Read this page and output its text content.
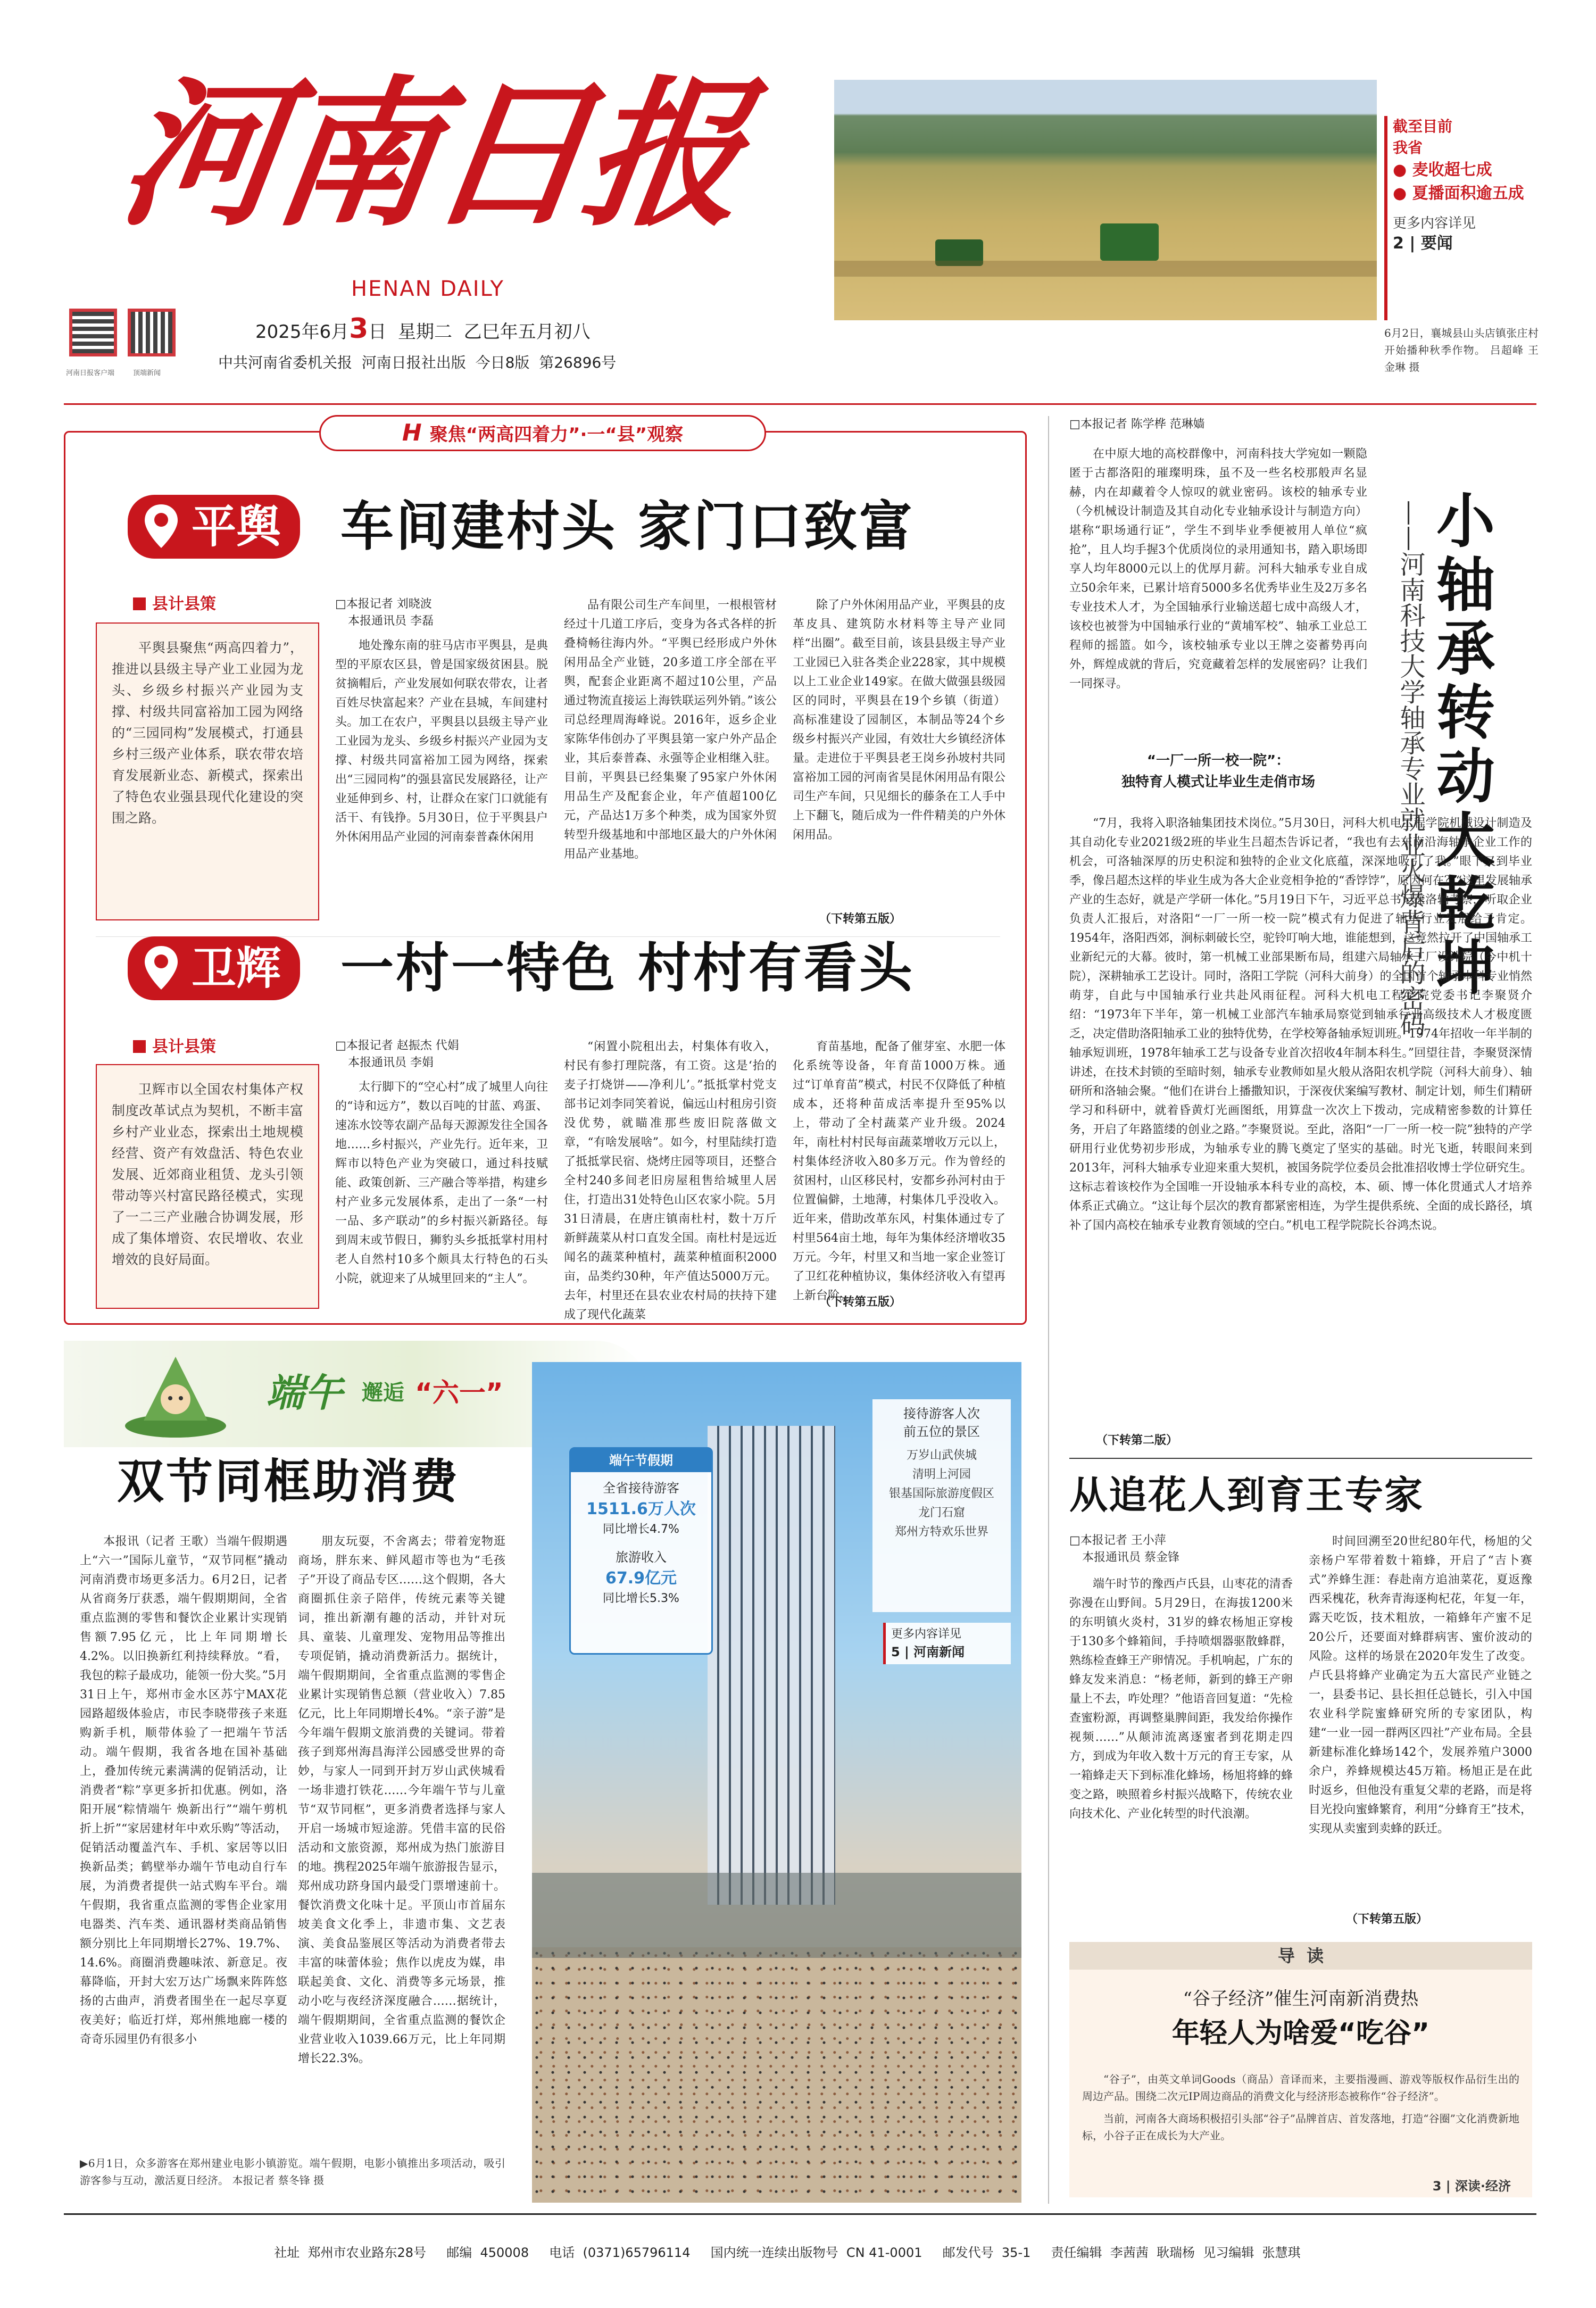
河南日报
HENAN DAILY
河南日报客户端	顶端新闻
2025年6月3日  星期二  乙巳年五月初八
中共河南省委机关报  河南日报社出版  今日8版  第26896号
截至目前
我省
● 麦收超七成
● 夏播面积逾五成
更多内容详见
2 | 要闻
6月2日，襄城县山头店镇张庄村开始播种秋季作物。 吕超峰 王金琳 摄
H 聚焦“两高四着力”·一“县”观察
平舆	车间建村头 家门口致富
县计县策
平舆县聚焦“两高四着力”，推进以县级主导产业工业园为龙头、乡级乡村振兴产业园为支撑、村级共同富裕加工园为网络的“三园同构”发展模式，打通县乡村三级产业体系，联农带农培育发展新业态、新模式，探索出了特色农业强县现代化建设的突围之路。
□本报记者 刘晓波
本报通讯员 李磊

地处豫东南的驻马店市平舆县，是典型的平原农区县，曾是国家级贫困县。脱贫摘帽后，产业发展如何联农带农，让者百姓尽快富起来？产业在县城，车间建村头。加工在农户，平舆县以县级主导产业工业园为龙头、乡级乡村振兴产业园为支撑、村级共同富裕加工园为网络，探索出“三园同构”的强县富民发展路径，让产业延伸到乡、村，让群众在家门口就能有活干、有钱挣。5月30日，位于平舆县户外休闲用品产业园的河南泰普森休闲用

品有限公司生产车间里，一根根管材经过十几道工序后，变身为各式各样的折叠椅畅往海内外。“平舆已经形成户外休闲用品全产业链，20多道工序全部在平舆，配套企业距离不超过10公里，产品通过物流直接运上海铁联运列外销。”该公司总经理周海峰说。2016年，返乡企业家陈华伟创办了平舆县第一家户外产品企业，其后泰普森、永强等企业相继入驻。目前，平舆县已经集聚了95家户外休闲用品生产及配套企业，年产值超100亿元，产品达1万多个种类，成为国家外贸转型升级基地和中部地区最大的户外休闲用品产业基地。

除了户外休闲用品产业，平舆县的皮革皮具、建筑防水材料等主导产业同样“出圈”。截至目前，该县县级主导产业工业园已入驻各类企业228家，其中规模以上工业企业149家。在做大做强县级园区的同时，平舆县在19个乡镇（街道）高标准建设了园制区，本制品等24个乡级乡村振兴产业园，有效壮大乡镇经济体量。走进位于平舆县老王岗乡孙坡村共同富裕加工园的河南省昊昆休闲用品有限公司生产车间，只见细长的藤条在工人手中上下翻飞，随后成为一件件精美的户外休闲用品。

（下转第五版）
卫辉	一村一特色 村村有看头
县计县策
卫辉市以全国农村集体产权制度改革试点为契机，不断丰富乡村产业业态，探索出土地规模经营、资产有效盘活、特色农业发展、近郊商业租赁、龙头引领带动等兴村富民路径模式，实现了一二三产业融合协调发展，形成了集体增资、农民增收、农业增效的良好局面。
□本报记者 赵振杰 代娟
本报通讯员 李娟

太行脚下的“空心村”成了城里人向往的“诗和远方”，数以百吨的甘蓝、鸡蛋、速冻水饺等农副产品每天源源发往全国各地……乡村振兴，产业先行。近年来，卫辉市以特色产业为突破口，通过科技赋能、政策创新、三产融合等举措，构建乡村产业多元发展体系，走出了一条“一村一品、多产联动”的乡村振兴新路径。每到周末或节假日，狮豹头乡抵抵掌村用村老人自然村10多个颇具太行特色的石头小院，就迎来了从城里回来的“主人”。

“闲置小院租出去，村集体有收入，村民有参打理院落，有工资。这是‘抬的麦子打烧饼——净利儿’。”抵抵掌村党支部书记刘李同笑着说，偏远山村租房引资没优势，就瞄准那些废旧院落做文章，“有啥发展啥”。如今，村里陆续打造了抵抵掌民宿、烧烤庄园等项目，还整合全村240多间老旧房屋租售给城里人居住，打造出31处特色山区农家小院。5月31日清晨，在唐庄镇南杜村，数十万斤新鲜蔬菜从村口直发全国。南杜村是远近闻名的蔬菜种植村，蔬菜种植面积2000亩，品类约30种，年产值达5000万元。去年，村里还在县农业农村局的扶持下建成了现代化蔬菜

育苗基地，配备了催芽室、水肥一体化系统等设备，年育苗1000万株。通过“订单育苗”模式，村民不仅降低了种植成本，还将种苗成活率提升至95%以上，带动了全村蔬菜产业升级。2024年，南杜村村民每亩蔬菜增收万元以上，村集体经济收入80多万元。作为曾经的贫困村，山区移民村，安都乡孙河村由于位置偏僻，土地薄，村集体几乎没收入。近年来，借助改革东风，村集体通过专了村里564亩土地，每年为集体经济增收35万元。今年，村里又和当地一家企业签订了卫红花种植协议，集体经济收入有望再上新台阶。

（下转第五版）
端午 邂逅 “六一”
双节同框助消费

本报讯（记者 王歌）当端午假期遇上“六一”国际儿童节，“双节同框”撬动河南消费市场更多活力。6月2日，记者从省商务厅获悉，端午假期期间，全省重点监测的零售和餐饮企业累计实现销售额7.95亿元，比上年同期增长4.2%。以旧换新红利持续释放。“看，我包的粽子最成功，能领一份大奖。”5月31日上午，郑州市金水区苏宁MAX花园路超级体验店，市民李晓带孩子来逛购新手机，顺带体验了一把端午节活动。端午假期，我省各地在国补基础上，叠加传统元素满满的促销活动，让消费者“粽”享更多折扣优惠。例如，洛阳开展“粽情端午 焕新出行”“端午剪机折上折”“家居建材年中欢乐购”等活动，促销活动覆盖汽车、手机、家居等以旧换新品类；鹤壁举办端午节电动自行车展，为消费者提供一站式购车平台。端午假期，我省重点监测的零售企业家用电器类、汽车类、通讯器材类商品销售额分别比上年同期增长27%、19.7%、14.6%。商圈消费趣味浓、新意足。夜幕降临，开封大宏万达广场飘来阵阵悠扬的古曲声，消费者围坐在一起尽享夏夜美好；临近打烊，郑州熊地廊一楼的奇奇乐园里仍有很多小

朋友玩耍，不舍离去；带着宠物逛商场，胖东来、鲜风超市等也为“毛孩子”开设了商品专区……这个假期，各大商圈抓住亲子陪伴，传统元素等关键词，推出新潮有趣的活动，并针对玩具、童装、儿童理发、宠物用品等推出专项促销，撬动消费新活力。据统计，端午假期期间，全省重点监测的零售企业累计实现销售总额（营业收入）7.85亿元，比上年同期增长4%。“亲子游”是今年端午假期文旅消费的关键词。带着孩子到郑州海昌海洋公园感受世界的奇妙，与家人一同到开封万岁山武侠城看一场非遗打铁花……今年端午节与儿童节“双节同框”，更多消费者选择与家人开启一场城市短途游。凭借丰富的民俗活动和文旅资源，郑州成为热门旅游目的地。携程2025年端午旅游报告显示，郑州成功跻身国内最受门票增速前十。餐饮消费文化味十足。平顶山市首届东坡美食文化季上，非遗市集、文艺表演、美食品鉴展区等活动为消费者带去丰富的味蕾体验；焦作以虎皮为媒，串联起美食、文化、消费等多元场景，推动小吃与夜经济深度融合……据统计，端午假期期间，全省重点监测的餐饮企业营业收入1039.66万元，比上年同期增长22.3%。

▶6月1日，众多游客在郑州建业电影小镇游览。端午假期，电影小镇推出多项活动，吸引游客参与互动，激活夏日经济。 本报记者 蔡冬锋 摄
端午节假期
全省接待游客
1511.6万人次
同比增长4.7%
旅游收入
67.9亿元
同比增长5.3%
接待游客人次
前五位的景区
万岁山武侠城
清明上河园
银基国际旅游度假区
龙门石窟
郑州方特欢乐世界
更多内容详见
5 | 河南新闻
□本报记者 陈学桦 范琳嫱

在中原大地的高校群像中，河南科技大学宛如一颗隐匿于古都洛阳的璀璨明珠，虽不及一些名校那般声名显赫，内在却藏着令人惊叹的就业密码。该校的轴承专业（今机械设计制造及其自动化专业轴承设计与制造方向）堪称“职场通行证”，学生不到毕业季便被用人单位“疯抢”，且人均手握3个优质岗位的录用通知书，踏入职场即享人均年8000元以上的优厚月薪。河科大轴承专业自成立50余年来，已累计培育5000多名优秀毕业生及2万多名专业技术人才，为全国轴承行业输送超七成中高级人才，该校也被誉为中国轴承行业的“黄埔军校”、轴承工业总工程师的摇篮。如今，该校轴承专业以王牌之姿蓄势再向外，辉煌成就的背后，究竟藏着怎样的发展密码？让我们一同探寻。

小轴承转动大乾坤
——河南科技大学轴承专业就业火爆背后的密码
“一厂一所一校一院”：
独特育人模式让毕业生走俏市场

“7月，我将入职洛轴集团技术岗位。”5月30日，河科大机电工程学院机械设计制造及其自动化专业2021级2班的毕业生吕超杰告诉记者，“我也有去东南沿海轴承企业工作的机会，可洛轴深厚的历史积淀和独特的企业文化底蕴，深深地吸引了我。”眼下又到毕业季，像吕超杰这样的毕业生成为各大企业竞相争抢的“香饽饽”，原因何在？“这里发展轴承产业的生态好，就是产学研一体化。”5月19日下午，习近平总书记在洛轴考察，听取企业负责人汇报后，对洛阳“一厂一所一校一院”模式有力促进了轴承行业发展给予肯定。1954年，洛阳西郊，涧标刺破长空，驼铃叮响大地，谁能想到，这竟然拉开了中国轴承工业新纪元的大幕。彼时，第一机械工业部果断布局，组建六局轴承工厂设计院（今中机十院），深耕轴承工艺设计。同时，洛阳工学院（河科大前身）的全国首个轴承本科专业悄然萌芽，自此与中国轴承行业共赴风雨征程。河科大机电工程学院党委书记李聚贤介绍：“1973年下半年，第一机械工业部汽车轴承局察觉到轴承行业高级技术人才极度匮乏，决定借助洛阳轴承工业的独特优势，在学校筹备轴承短训班。1974年招收一年半制的轴承短训班，1978年轴承工艺与设备专业首次招收4年制本科生。”回望往昔，李聚贤深情讲述，在技术封锁的至暗时刻，轴承专业教师如星火般从洛阳农机学院（河科大前身）、轴研所和洛轴会聚。“他们在讲台上播撒知识，于深夜伏案编写教材、制定计划，师生们精研学习和科研中，就着昏黄灯光画图纸，用算盘一次次上下拨动，完成精密参数的计算任务，开启了年路篮缕的创业之路。”李聚贤说。至此，洛阳“一厂一所一校一院”独特的产学研用行业优势初步形成，为轴承专业的腾飞奠定了坚实的基础。时光飞逝，转眼间来到2013年，河科大轴承专业迎来重大契机，被国务院学位委员会批准招收博士学位研究生。这标志着该校作为全国唯一开设轴承本科专业的高校，本、硕、博一体化贯通式人才培养体系正式确立。“这让每个层次的教育都紧密相连，为学生提供系统、全面的成长路径，填补了国内高校在轴承专业教育领域的空白。”机电工程学院院长谷鸿杰说。

（下转第二版）
从追花人到育王专家
□本报记者 王小萍
本报通讯员 蔡金锋

端午时节的豫西卢氏县，山枣花的清香弥漫在山野间。5月29日，在海拔1200米的东明镇火炎村，31岁的蜂农杨旭正穿梭于130多个蜂箱间，手持喷烟器驱散蜂群，熟练检查蜂王产卵情况。手机响起，广东的蜂友发来消息：“杨老师，新到的蜂王产卵量上不去，咋处理？”他语音回复道：“先检查蜜粉源，再调整巢脾间距，我发给你操作视频……”从颠沛流离逐蜜者到花期走四方，到成为年收入数十万元的育王专家，从一箱蜂走天下到标准化蜂场，杨旭将蜂的蜂变之路，映照着乡村振兴战略下，传统农业向技术化、产业化转型的时代浪潮。

时间回溯至20世纪80年代，杨旭的父亲杨户军带着数十箱蜂，开启了“吉卜赛式”养蜂生涯：春赴南方追油菜花，夏返豫西采槐花，秋奔青海逐枸杞花，年复一年，露天吃饭，技术粗放，一箱蜂年产蜜不足20公斤，还要面对蜂群病害、蜜价波动的风险。这样的场景在2020年发生了改变。卢氏县将蜂产业确定为五大富民产业链之一，县委书记、县长担任总链长，引入中国农业科学院蜜蜂研究所的专家团队，构建“一业一园一群两区四社”产业布局。全县新建标准化蜂场142个，发展养殖户3000余户，养蜂规模达45万箱。杨旭正是在此时返乡，但他没有重复父辈的老路，而是将目光投向蜜蜂繁育，利用“分蜂育王”技术，实现从卖蜜到卖蜂的跃迁。

（下转第五版）
导  读
“谷子经济”催生河南新消费热
年轻人为啥爱“吃谷”
“谷子”，由英文单词Goods（商品）音译而来，主要指漫画、游戏等版权作品衍生出的周边产品。围绕二次元IP周边商品的消费文化与经济形态被称作“谷子经济”。
当前，河南各大商场积极招引头部“谷子”品牌首店、首发落地，打造“谷圈”文化消费新地标，小谷子正在成长为大产业。
3 | 深读·经济

社址  郑州市农业路东28号 邮编  450008 电话  (0371)65796114 国内统一连续出版物号  CN 41-0001 邮发代号  35-1 责任编辑  李茜茜  耿瑞杨  见习编辑  张慧琪
